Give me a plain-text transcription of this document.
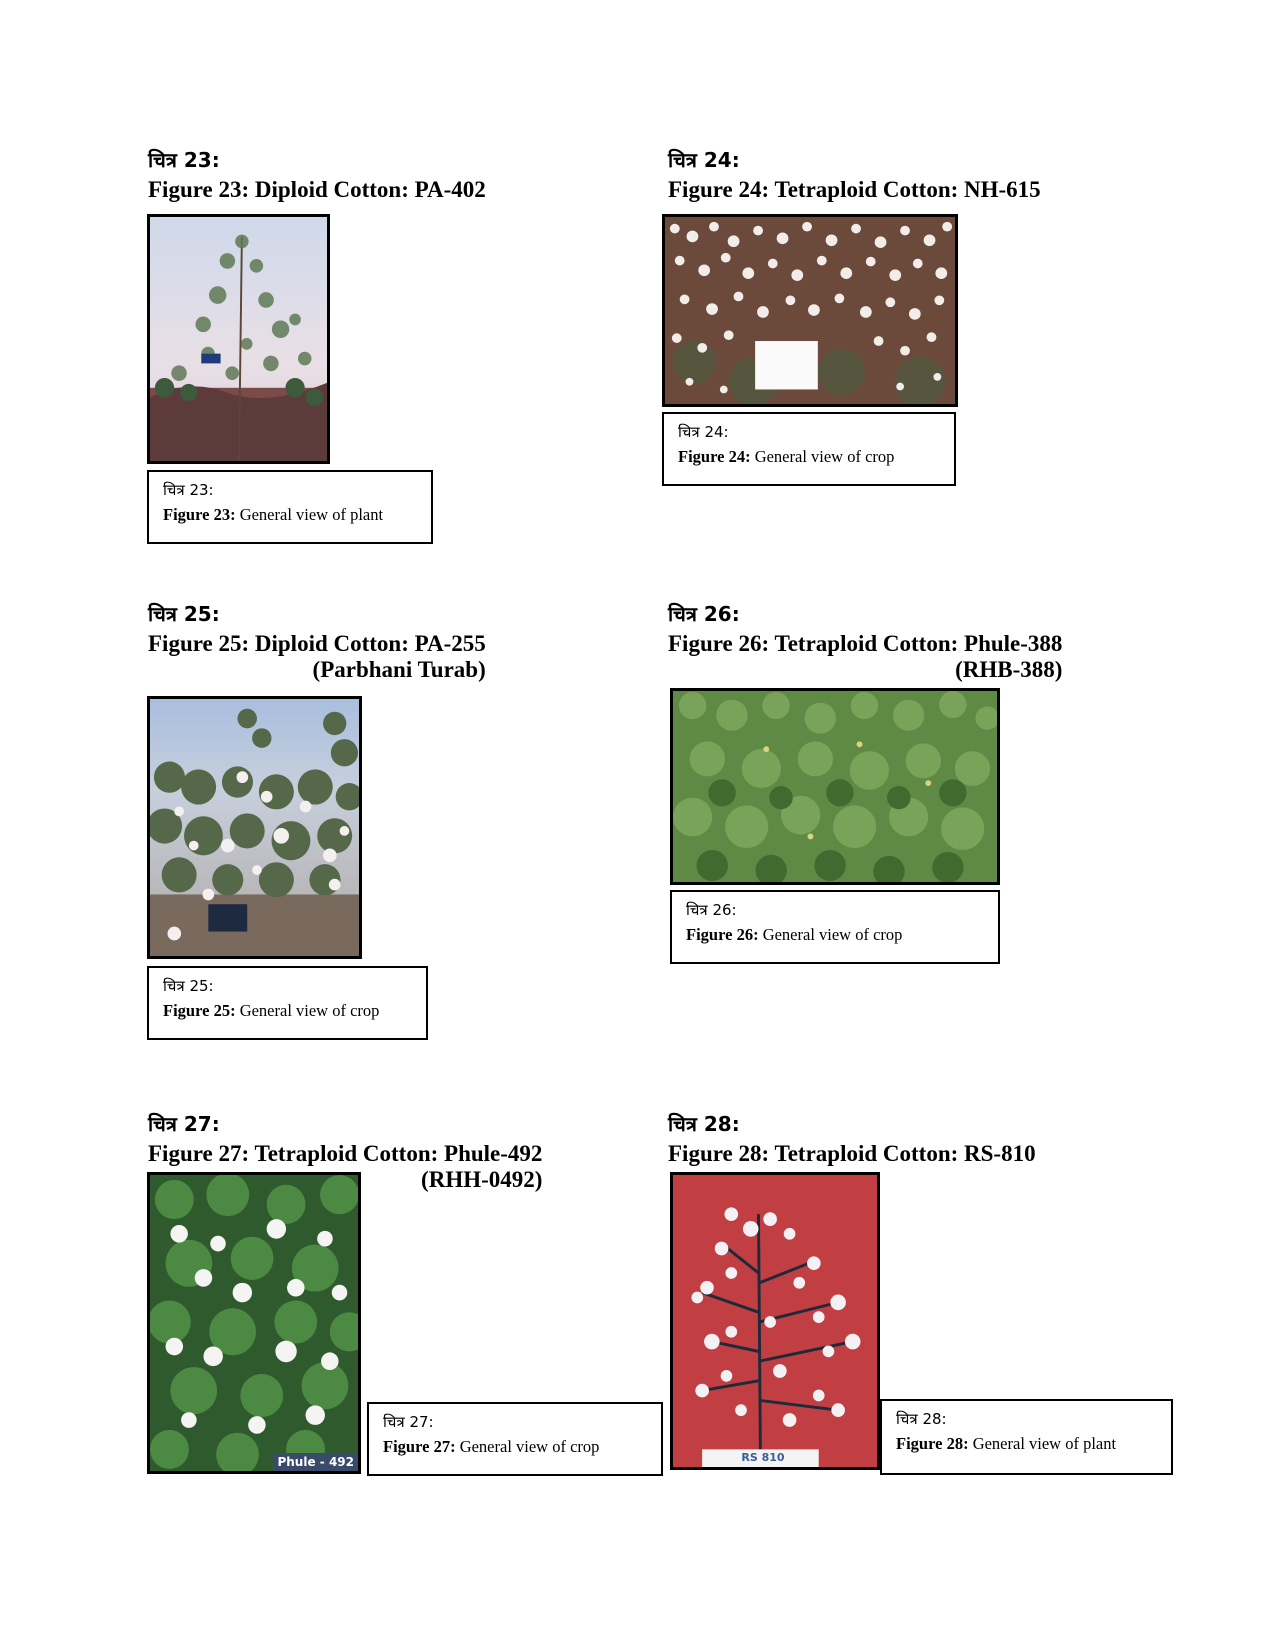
चित्र 23:
Figure 23: Diploid Cotton: PA-402
चित्र 23:
Figure 23: General view of plant
चित्र 24:
Figure 24: Tetraploid Cotton: NH-615
चित्र 24:
Figure 24: General view of crop
चित्र 25:
Figure 25: Diploid Cotton: PA-255
(Parbhani Turab)
चित्र 25:
Figure 25: General view of crop
चित्र 26:
Figure 26: Tetraploid Cotton: Phule-388
(RHB-388)
चित्र 26:
Figure 26: General view of crop
चित्र 27:
Figure 27: Tetraploid Cotton: Phule-492
(RHH-0492)
Phule - 492
चित्र 27:
Figure 27: General view of crop
चित्र 28:
Figure 28: Tetraploid Cotton: RS-810
RS 810
चित्र 28:
Figure 28: General view of plant
